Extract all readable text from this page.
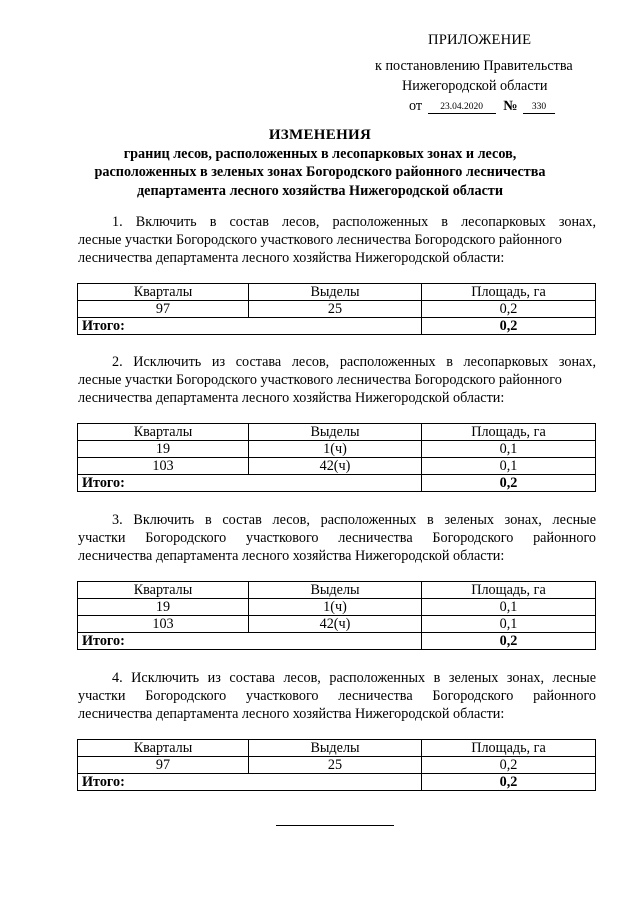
ПРИЛОЖЕНИЕ
к постановлению Правительства
Нижегородской области
от 23.04.2020 № 330
ИЗМЕНЕНИЯ
границ лесов, расположенных в лесопарковых зонах и лесов,
расположенных в зеленых зонах Богородского районного лесничества
департамента лесного хозяйства Нижегородской области
1. Включить в состав лесов, расположенных в лесопарковых зонах,
лесные участки Богородского участкового лесничества Богородского районного
лесничества департамента лесного хозяйства Нижегородской области:
Кварталы	Выделы	Площадь, га
97	25	0,2
Итого:		0,2
2. Исключить из состава лесов, расположенных в лесопарковых зонах,
лесные участки Богородского участкового лесничества Богородского районного
лесничества департамента лесного хозяйства Нижегородской области:
Кварталы	Выделы	Площадь, га
19	1(ч)	0,1
103	42(ч)	0,1
Итого:		0,2
3. Включить в состав лесов, расположенных в зеленых зонах, лесные
участки Богородского участкового лесничества Богородского районного
лесничества департамента лесного хозяйства Нижегородской области:
Кварталы	Выделы	Площадь, га
19	1(ч)	0,1
103	42(ч)	0,1
Итого:		0,2
4. Исключить из состава лесов, расположенных в зеленых зонах, лесные
участки Богородского участкового лесничества Богородского районного
лесничества департамента лесного хозяйства Нижегородской области:
Кварталы	Выделы	Площадь, га
97	25	0,2
Итого:		0,2
